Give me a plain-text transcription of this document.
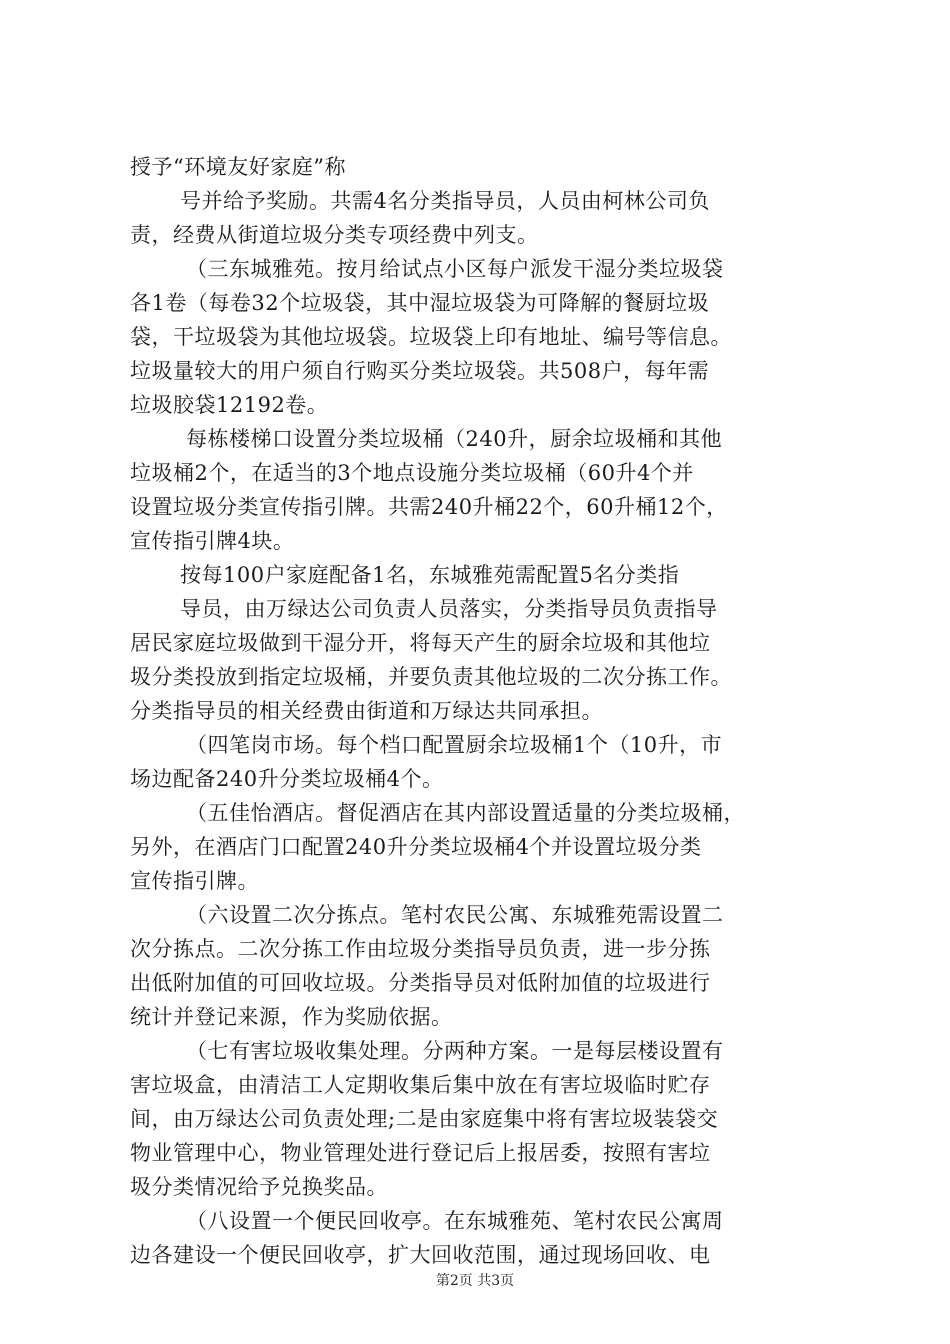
授予“环境友好家庭”称
号并给予奖励。共需4名分类指导员，人员由柯林公司负
责，经费从街道垃圾分类专项经费中列支。
（三东城雅苑。按月给试点小区每户派发干湿分类垃圾袋
各1卷（每卷32个垃圾袋，其中湿垃圾袋为可降解的餐厨垃圾
袋，干垃圾袋为其他垃圾袋。垃圾袋上印有地址、编号等信息。
垃圾量较大的用户须自行购买分类垃圾袋。共508户，每年需
垃圾胶袋12192卷。
每栋楼梯口设置分类垃圾桶（240升，厨余垃圾桶和其他
垃圾桶2个，在适当的3个地点设施分类垃圾桶（60升4个并
设置垃圾分类宣传指引牌。共需240升桶22个，60升桶12个，
宣传指引牌4块。
按每100户家庭配备1名，东城雅苑需配置5名分类指
导员，由万绿达公司负责人员落实，分类指导员负责指导
居民家庭垃圾做到干湿分开，将每天产生的厨余垃圾和其他垃
圾分类投放到指定垃圾桶，并要负责其他垃圾的二次分拣工作。
分类指导员的相关经费由街道和万绿达共同承担。
（四笔岗市场。每个档口配置厨余垃圾桶1个（10升，市
场边配备240升分类垃圾桶4个。
（五佳怡酒店。督促酒店在其内部设置适量的分类垃圾桶，
另外，在酒店门口配置240升分类垃圾桶4个并设置垃圾分类
宣传指引牌。
（六设置二次分拣点。笔村农民公寓、东城雅苑需设置二
次分拣点。二次分拣工作由垃圾分类指导员负责，进一步分拣
出低附加值的可回收垃圾。分类指导员对低附加值的垃圾进行
统计并登记来源，作为奖励依据。
（七有害垃圾收集处理。分两种方案。一是每层楼设置有
害垃圾盒，由清洁工人定期收集后集中放在有害垃圾临时贮存
间，由万绿达公司负责处理;二是由家庭集中将有害垃圾装袋交
物业管理中心，物业管理处进行登记后上报居委，按照有害垃
圾分类情况给予兑换奖品。
（八设置一个便民回收亭。在东城雅苑、笔村农民公寓周
边各建设一个便民回收亭，扩大回收范围，通过现场回收、电
第2页 共3页
